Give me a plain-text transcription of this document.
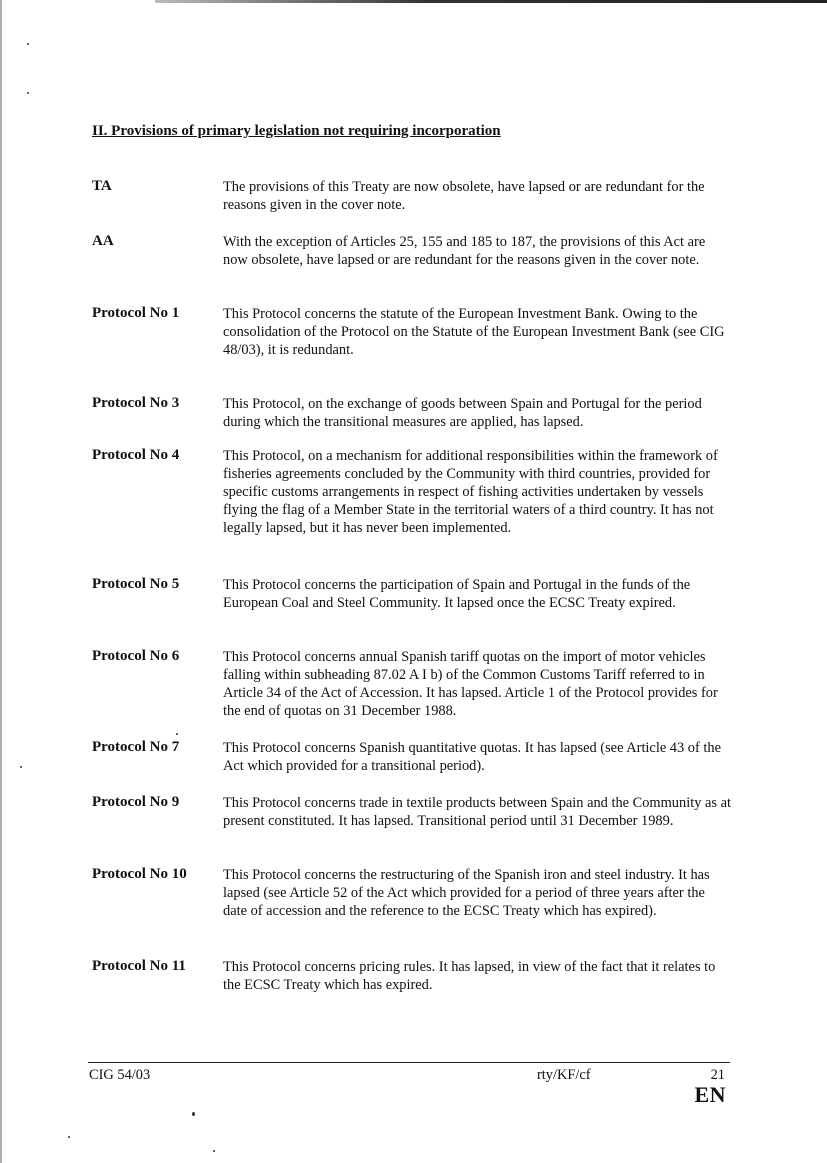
II. Provisions of primary legislation not requiring incorporation
TA	The provisions of this Treaty are now obsolete, have lapsed or are redundant for the reasons given in the cover note.
AA	With the exception of Articles 25, 155 and 185 to 187, the provisions of this Act are now obsolete, have lapsed or are redundant for the reasons given in the cover note.
Protocol No 1	This Protocol concerns the statute of the European Investment Bank. Owing to the consolidation of the Protocol on the Statute of the European Investment Bank (see CIG 48/03), it is redundant.
Protocol No 3	This Protocol, on the exchange of goods between Spain and Portugal for the period during which the transitional measures are applied, has lapsed.
Protocol No 4	This Protocol, on a mechanism for additional responsibilities within the framework of fisheries agreements concluded by the Community with third countries, provided for specific customs arrangements in respect of fishing activities undertaken by vessels flying the flag of a Member State in the territorial waters of a third country. It has not legally lapsed, but it has never been implemented.
Protocol No 5	This Protocol concerns the participation of Spain and Portugal in the funds of the European Coal and Steel Community. It lapsed once the ECSC Treaty expired.
Protocol No 6	This Protocol concerns annual Spanish tariff quotas on the import of motor vehicles falling within subheading 87.02 A I b) of the Common Customs Tariff referred to in Article 34 of the Act of Accession. It has lapsed. Article 1 of the Protocol provides for the end of quotas on 31 December 1988.
Protocol No 7	This Protocol concerns Spanish quantitative quotas. It has lapsed (see Article 43 of the Act which provided for a transitional period).
Protocol No 9	This Protocol concerns trade in textile products between Spain and the Community as at present constituted. It has lapsed. Transitional period until 31 December 1989.
Protocol No 10	This Protocol concerns the restructuring of the Spanish iron and steel industry. It has lapsed (see Article 52 of the Act which provided for a period of three years after the date of accession and the reference to the ECSC Treaty which has expired).
Protocol No 11	This Protocol concerns pricing rules. It has lapsed, in view of the fact that it relates to the ECSC Treaty which has expired.
CIG 54/03	rty/KF/cf	21
EN
